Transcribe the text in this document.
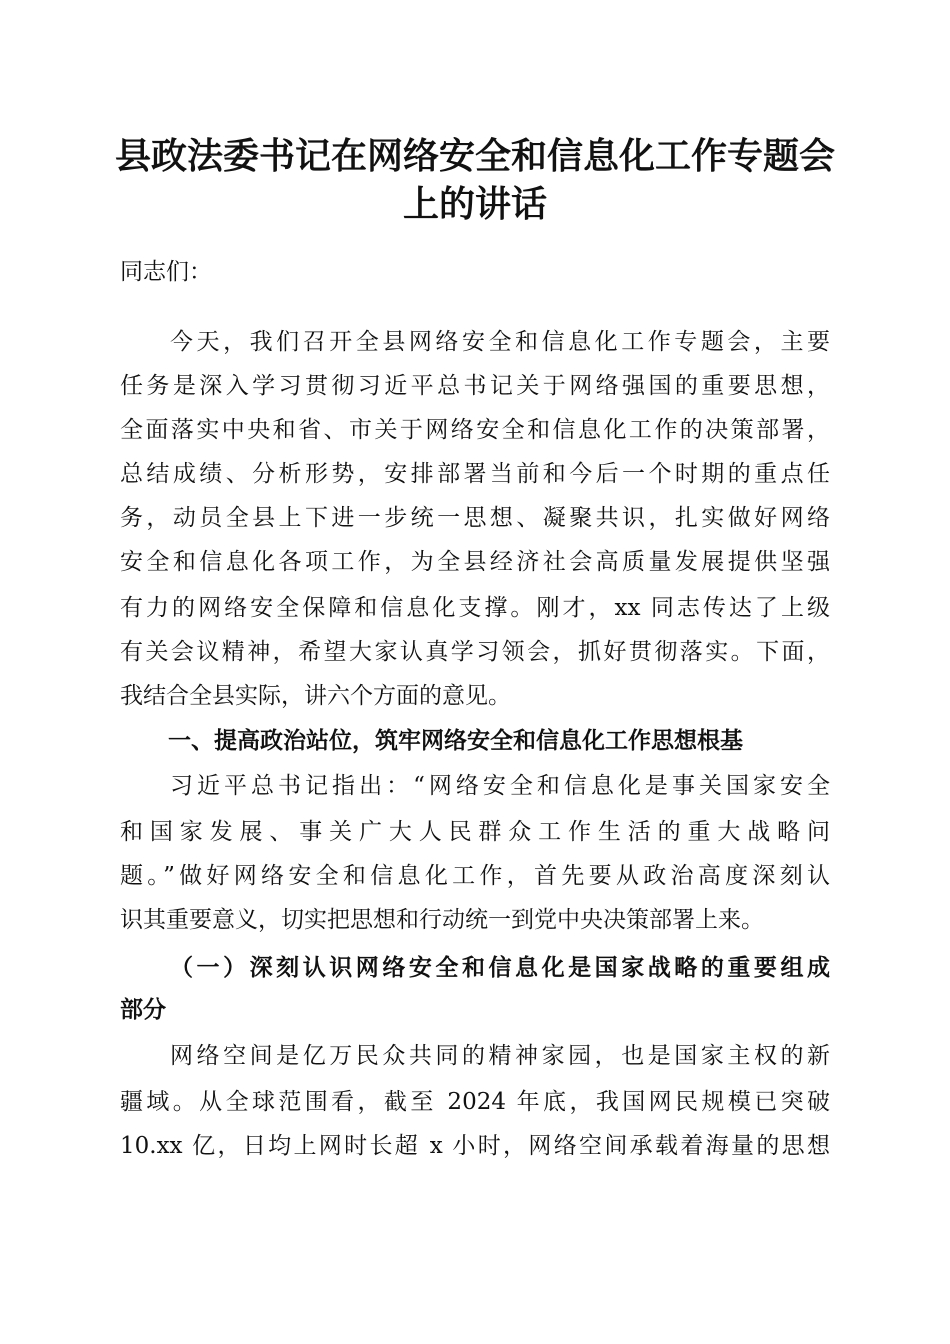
县政法委书记在网络安全和信息化工作专题会
上的讲话

同志们：

今天，我们召开全县网络安全和信息化工作专题会，主要

任务是深入学习贯彻习近平总书记关于网络强国的重要思想，

全面落实中央和省、市关于网络安全和信息化工作的决策部署，

总结成绩、分析形势，安排部署当前和今后一个时期的重点任

务，动员全县上下进一步统一思想、凝聚共识，扎实做好网络

安全和信息化各项工作，为全县经济社会高质量发展提供坚强

有力的网络安全保障和信息化支撑。刚才，xx 同志传达了上级

有关会议精神，希望大家认真学习领会，抓好贯彻落实。下面，

我结合全县实际，讲六个方面的意见。

一、提高政治站位，筑牢网络安全和信息化工作思想根基

习近平总书记指出：“网络安全和信息化是事关国家安全

和国家发展、事关广大人民群众工作生活的重大战略问

题。”做好网络安全和信息化工作，首先要从政治高度深刻认

识其重要意义，切实把思想和行动统一到党中央决策部署上来。

（一）深刻认识网络安全和信息化是国家战略的重要组成

部分

网络空间是亿万民众共同的精神家园，也是国家主权的新

疆域。从全球范围看，截至 2024 年底，我国网民规模已突破

10.xx 亿，日均上网时长超 x 小时，网络空间承载着海量的思想
